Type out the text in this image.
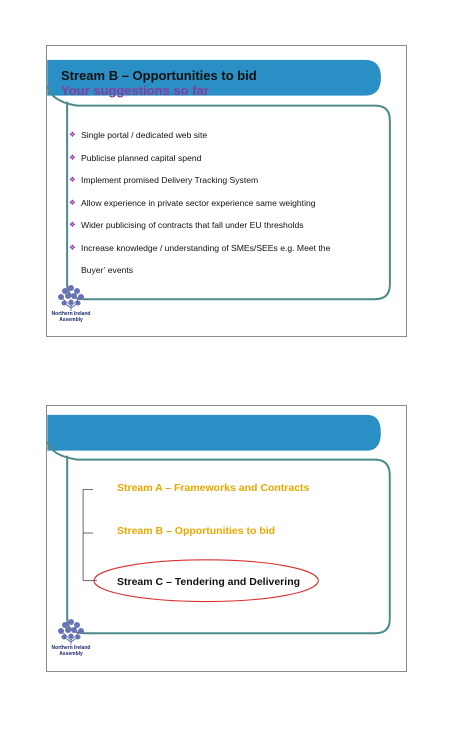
Stream B – Opportunities to bid
Your suggestions so far
❖ Single portal / dedicated web site
❖ Publicise planned capital spend
❖ Implement promised Delivery Tracking System
❖ Allow experience in private sector experience same weighting
❖ Wider publicising of contracts that fall under EU thresholds
❖ Increase knowledge / understanding of SMEs/SEEs e.g. Meet the
Buyer’ events
Northern Ireland
Assembly
Stream A – Frameworks and Contracts
Stream B – Opportunities to bid
Stream C – Tendering and Delivering
Northern Ireland
Assembly
